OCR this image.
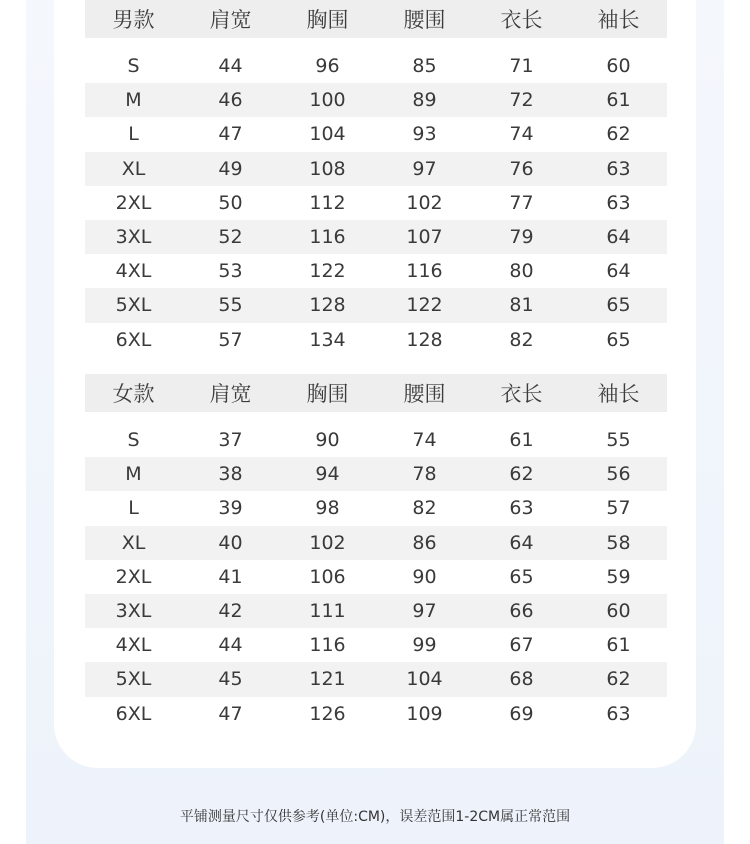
男款	肩宽	胸围	腰围	衣长	袖长
S	44	96	85	71	60
M	46	100	89	72	61
L	47	104	93	74	62
XL	49	108	97	76	63
2XL	50	112	102	77	63
3XL	52	116	107	79	64
4XL	53	122	116	80	64
5XL	55	128	122	81	65
6XL	57	134	128	82	65
女款	肩宽	胸围	腰围	衣长	袖长
S	37	90	74	61	55
M	38	94	78	62	56
L	39	98	82	63	57
XL	40	102	86	64	58
2XL	41	106	90	65	59
3XL	42	111	97	66	60
4XL	44	116	99	67	61
5XL	45	121	104	68	62
6XL	47	126	109	69	63
平铺测量尺寸仅供参考(单位:CM)，误差范围1-2CM属正常范围
